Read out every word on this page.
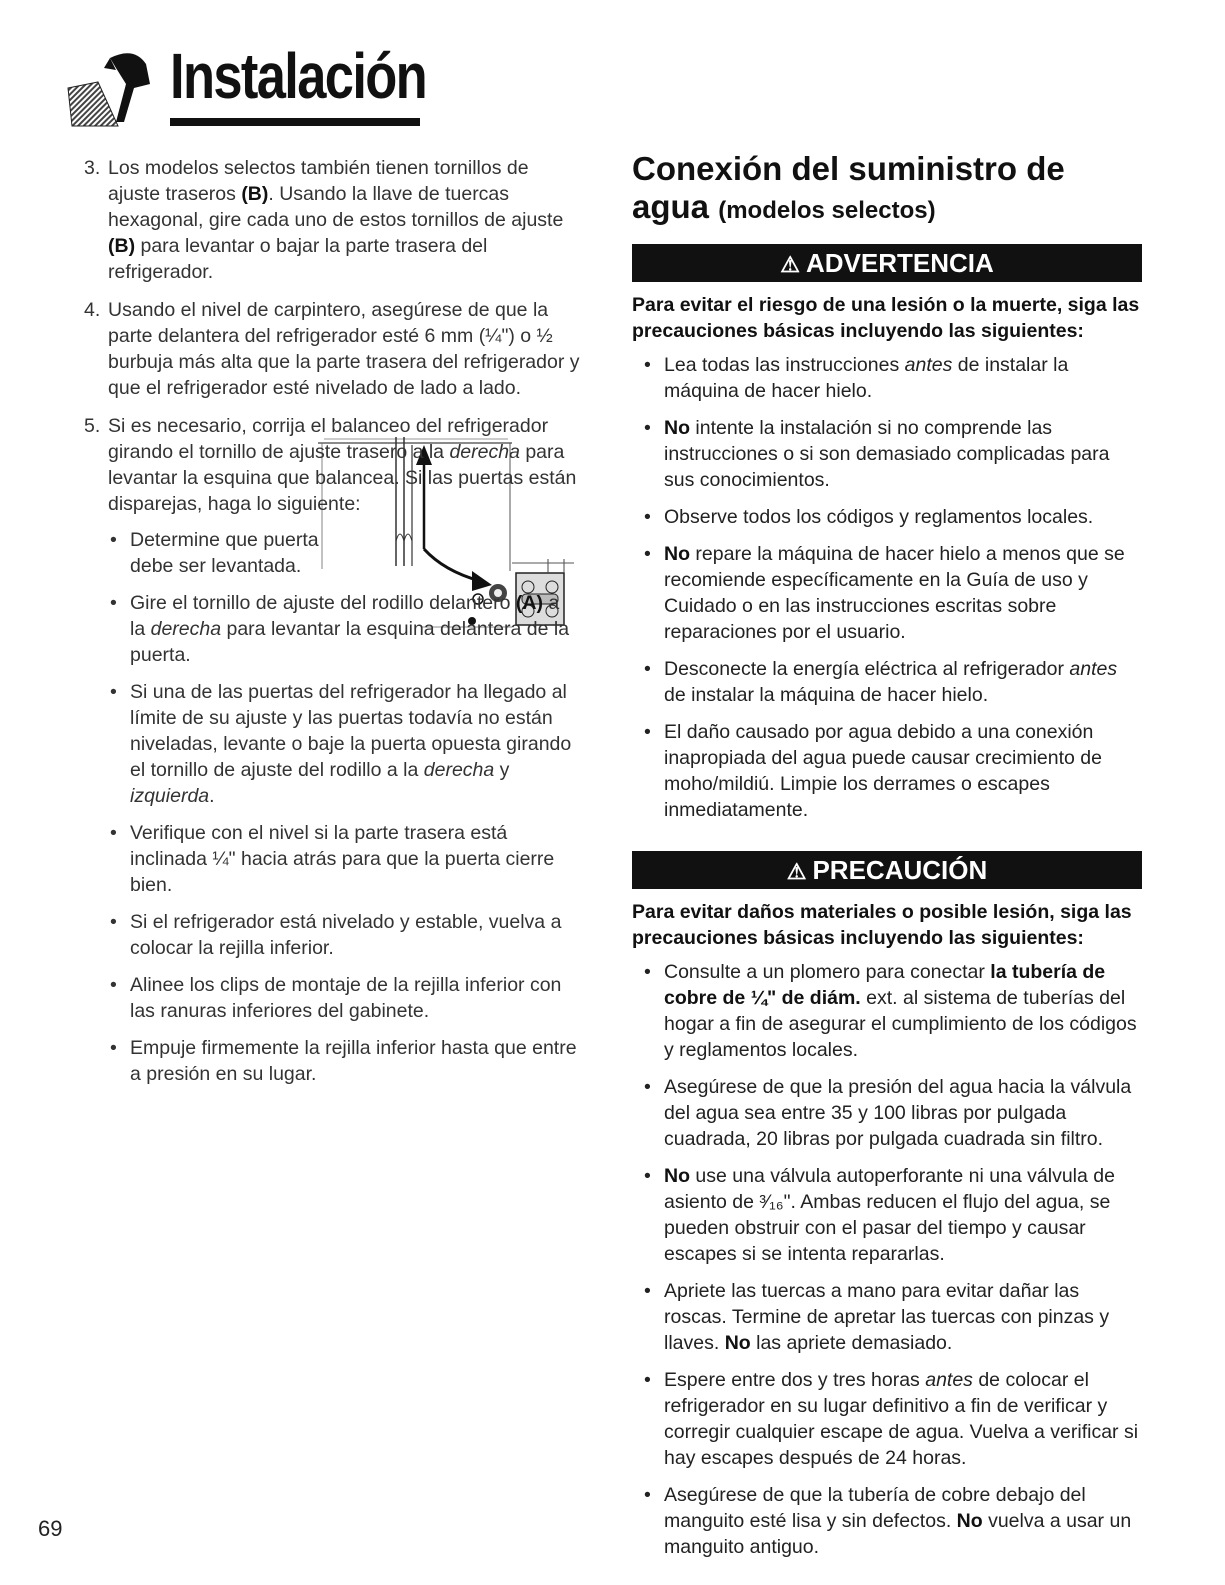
Instalación
3. Los modelos selectos también tienen tornillos de ajuste traseros (B). Usando la llave de tuercas hexagonal, gire cada uno de estos tornillos de ajuste (B) para levantar o bajar la parte trasera del refrigerador.
4. Usando el nivel de carpintero, asegúrese de que la parte delantera del refrigerador esté 6 mm (¼") o ½ burbuja más alta que la parte trasera del refrigerador y que el refrigerador esté nivelado de lado a lado.
5. Si es necesario, corrija el balanceo del refrigerador girando el tornillo de ajuste trasero a la derecha para levantar la esquina que balancea. Si las puertas están disparejas, haga lo siguiente:
• Determine que puerta debe ser levantada.
• Gire el tornillo de ajuste del rodillo delantero (A) a la derecha para levantar la esquina delantera de la puerta.
• Si una de las puertas del refrigerador ha llegado al límite de su ajuste y las puertas todavía no están niveladas, levante o baje la puerta opuesta girando el tornillo de ajuste del rodillo a la derecha y izquierda.
• Verifique con el nivel si la parte trasera está inclinada ¼" hacia atrás para que la puerta cierre bien.
• Si el refrigerador está nivelado y estable, vuelva a colocar la rejilla inferior.
• Alinee los clips de montaje de la rejilla inferior con las ranuras inferiores del gabinete.
• Empuje firmemente la rejilla inferior hasta que entre a presión en su lugar.
Conexión del suministro de
agua (modelos selectos)
⚠ ADVERTENCIA
Para evitar el riesgo de una lesión o la muerte, siga las precauciones básicas incluyendo las siguientes:
• Lea todas las instrucciones antes de instalar la máquina de hacer hielo.
• No intente la instalación si no comprende las instrucciones o si son demasiado complicadas para sus conocimientos.
• Observe todos los códigos y reglamentos locales.
• No repare la máquina de hacer hielo a menos que se recomiende específicamente en la Guía de uso y Cuidado o en las instrucciones escritas sobre reparaciones por el usuario.
• Desconecte la energía eléctrica al refrigerador antes de instalar la máquina de hacer hielo.
• El daño causado por agua debido a una conexión inapropiada del agua puede causar crecimiento de moho/mildiú. Limpie los derrames o escapes inmediatamente.
⚠ PRECAUCIÓN
Para evitar daños materiales o posible lesión, siga las precauciones básicas incluyendo las siguientes:
• Consulte a un plomero para conectar la tubería de cobre de ¼" de diám. ext. al sistema de tuberías del hogar a fin de asegurar el cumplimiento de los códigos y reglamentos locales.
• Asegúrese de que la presión del agua hacia la válvula del agua sea entre 35 y 100 libras por pulgada cuadrada, 20 libras por pulgada cuadrada sin filtro.
• No use una válvula autoperforante ni una válvula de asiento de ³⁄₁₆". Ambas reducen el flujo del agua, se pueden obstruir con el pasar del tiempo y causar escapes si se intenta repararlas.
• Apriete las tuercas a mano para evitar dañar las roscas. Termine de apretar las tuercas con pinzas y llaves. No las apriete demasiado.
• Espere entre dos y tres horas antes de colocar el refrigerador en su lugar definitivo a fin de verificar y corregir cualquier escape de agua. Vuelva a verificar si hay escapes después de 24 horas.
• Asegúrese de que la tubería de cobre debajo del manguito esté lisa y sin defectos. No vuelva a usar un manguito antiguo.
69
